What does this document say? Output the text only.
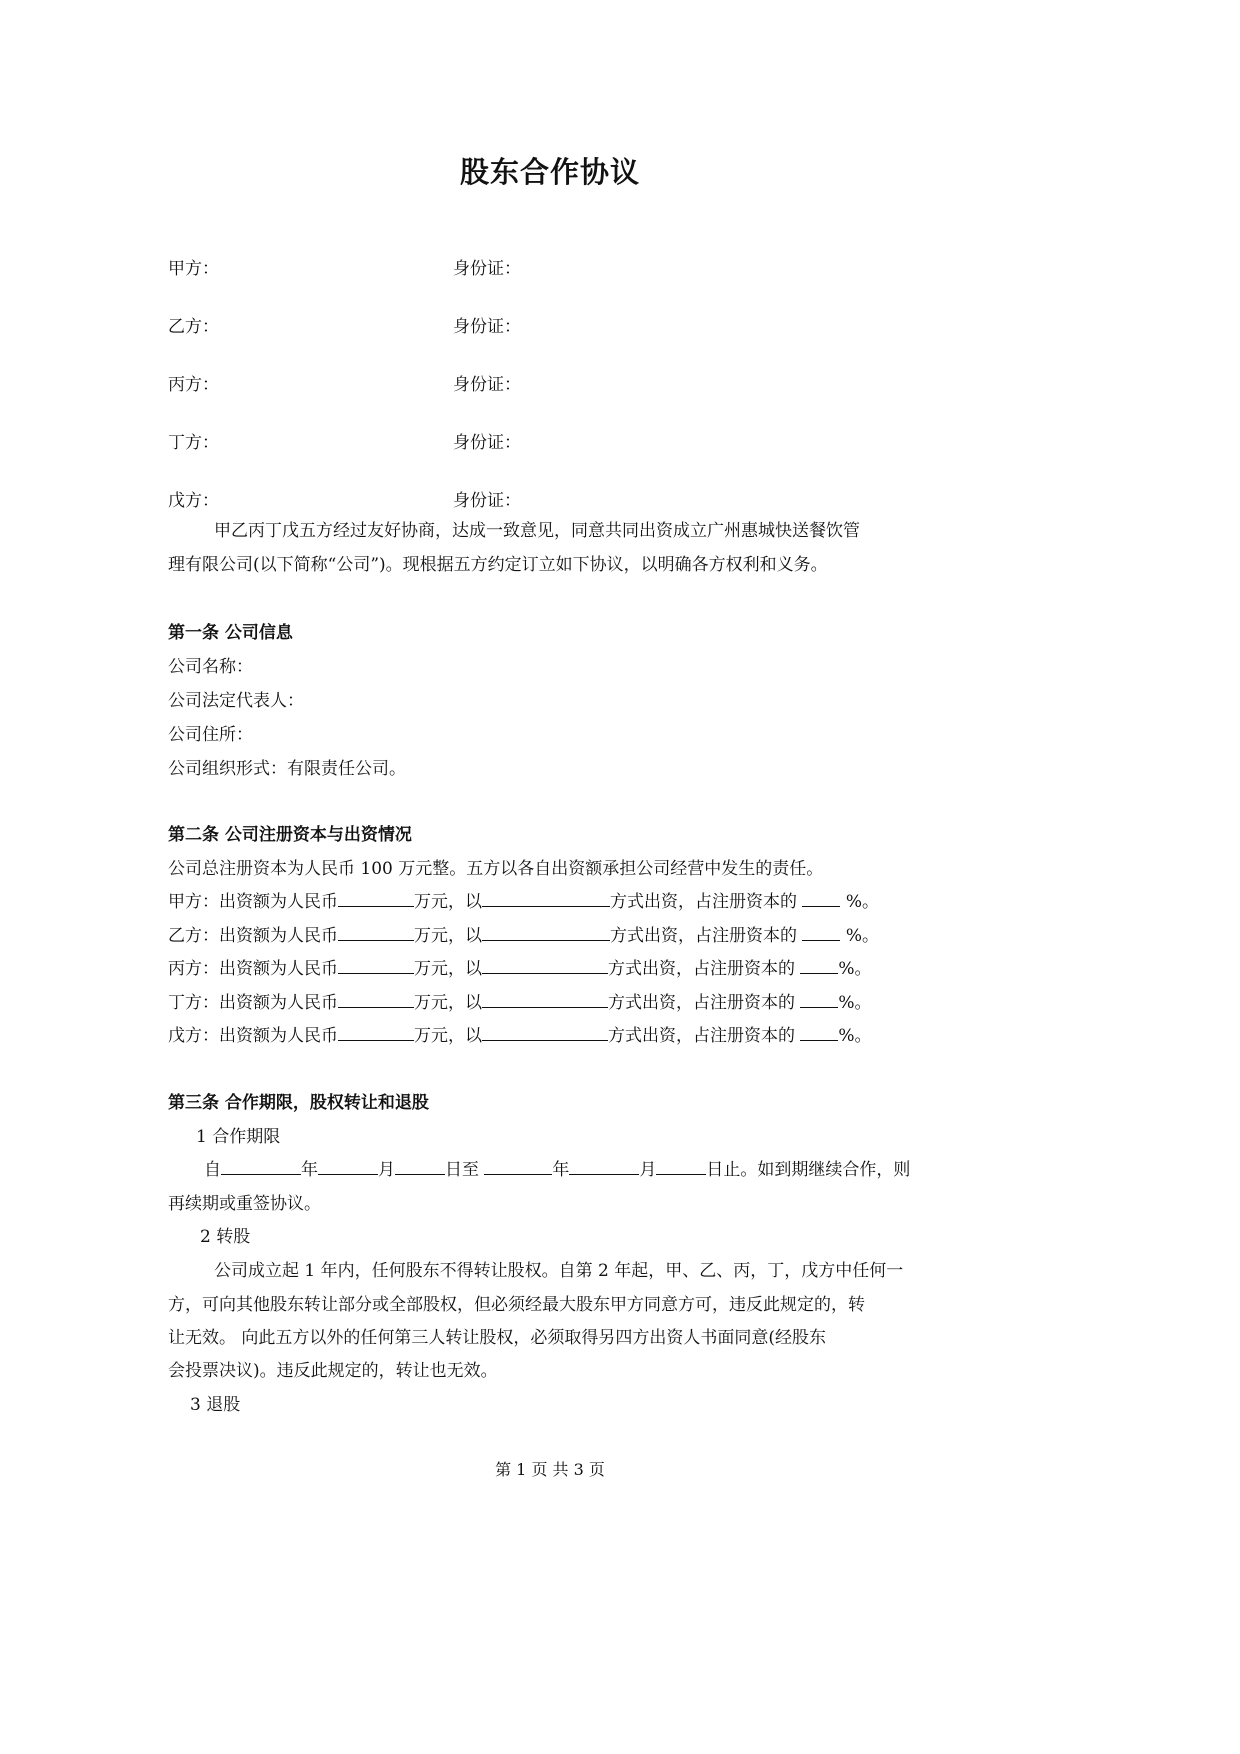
股东合作协议
甲方：	身份证：
乙方：	身份证：
丙方：	身份证：
丁方：	身份证：
戊方：	身份证：
甲乙丙丁戊五方经过友好协商，达成一致意见，同意共同出资成立广州惠城快送餐饮管
理有限公司(以下简称“公司”)。现根据五方约定订立如下协议，以明确各方权利和义务。
第一条 公司信息
公司名称：
公司法定代表人：
公司住所：
公司组织形式：有限责任公司。
第二条 公司注册资本与出资情况
公司总注册资本为人民币 100 万元整。五方以各自出资额承担公司经营中发生的责任。
甲方：出资额为人民币	万元，以	方式出资，占注册资本的	%。
乙方：出资额为人民币	万元，以	方式出资，占注册资本的	%。
丙方：出资额为人民币	万元，以	方式出资，占注册资本的	%。
丁方：出资额为人民币	万元，以	方式出资，占注册资本的	%。
戊方：出资额为人民币	万元，以	方式出资，占注册资本的	%。
第三条 合作期限，股权转让和退股
1 合作期限
自	年	月	日至	年	月	日止。如到期继续合作，则
再续期或重签协议。
2 转股
公司成立起 1 年内，任何股东不得转让股权。自第 2 年起，甲、乙、丙，丁，戊方中任何一
方，可向其他股东转让部分或全部股权，但必须经最大股东甲方同意方可，违反此规定的，转
让无效。 向此五方以外的任何第三人转让股权，必须取得另四方出资人书面同意(经股东
会投票决议)。违反此规定的，转让也无效。
3 退股
第 1 页 共 3 页
